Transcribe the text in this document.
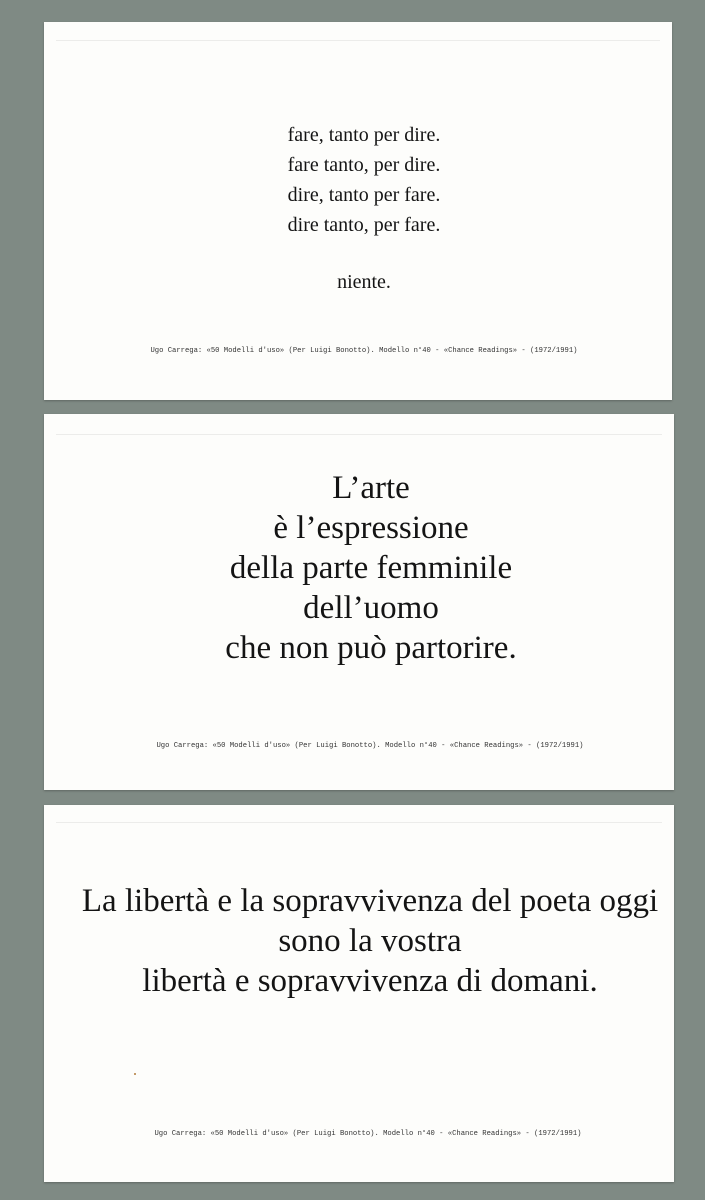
fare, tanto per dire.
fare tanto, per dire.
dire, tanto per fare.
dire tanto, per fare.
niente.
Ugo Carrega: «50 Modelli d'uso» (Per Luigi Bonotto). Modello n°40 - «Chance Readings» - (1972/1991)
L’arte
è l’espressione
della parte femminile
dell’uomo
che non può partorire.
Ugo Carrega: «50 Modelli d'uso» (Per Luigi Bonotto). Modello n°40 - «Chance Readings» - (1972/1991)
La libertà e la sopravvivenza del poeta oggi
sono la vostra
libertà e sopravvivenza di domani.
Ugo Carrega: «50 Modelli d'uso» (Per Luigi Bonotto). Modello n°40 - «Chance Readings» - (1972/1991)
